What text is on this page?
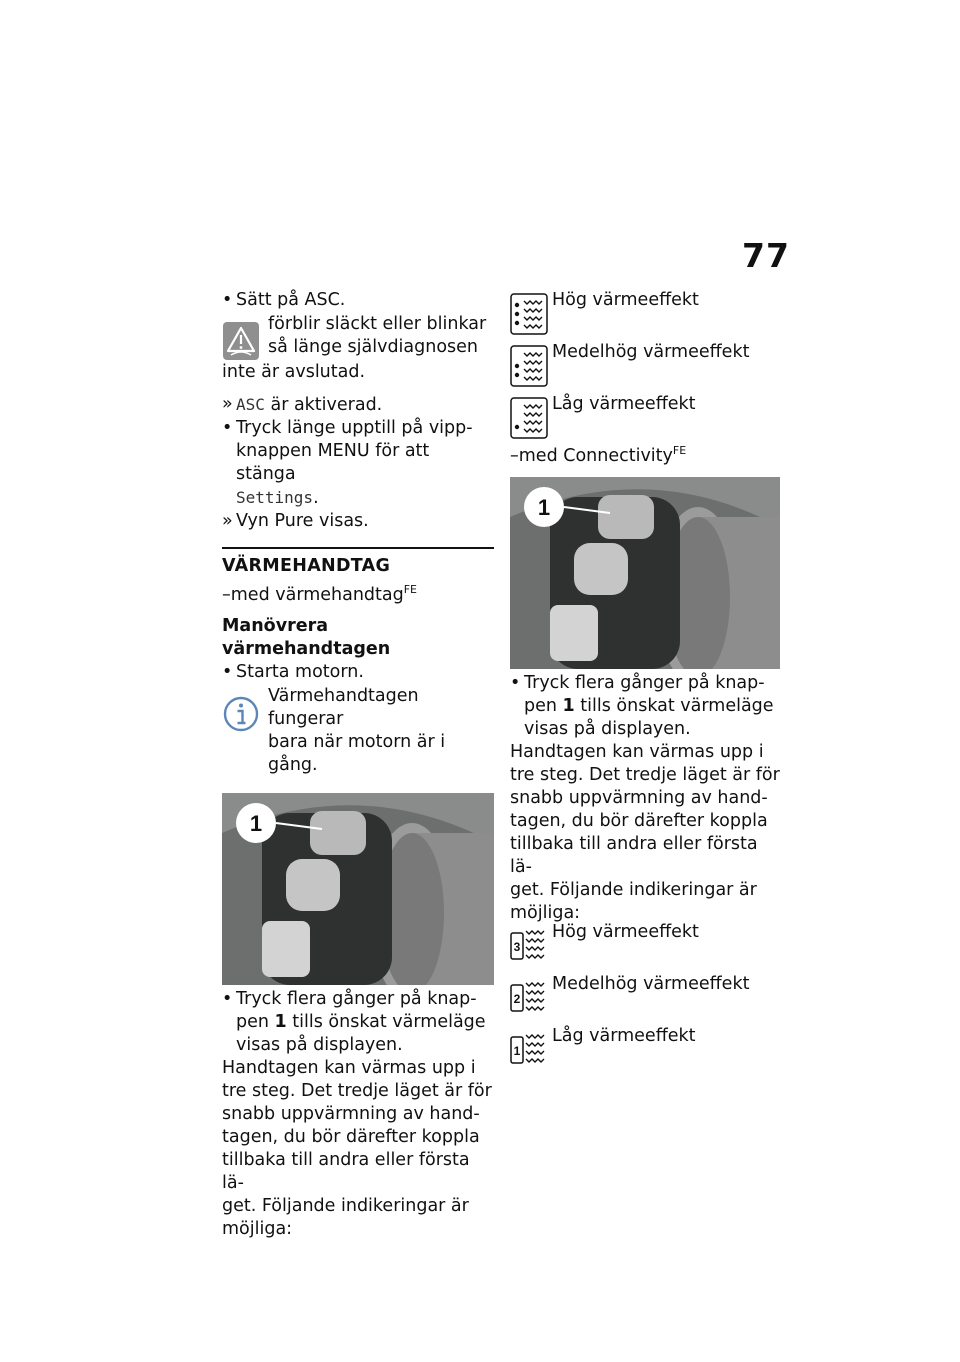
77

• Sätt på ASC.

förblir släckt eller blinkar

så länge självdiagnosen

inte är avslutad.

» ASC är aktiverad.

• Tryck länge upptill på vipp-

knappen MENU för att stänga

Settings.

» Vyn Pure visas.

VÄRMEHANDTAG

–med värmehandtag$^{FE}$

Manövrera värmehandtagen

• Starta motorn.

Värmehandtagen fungerar

bara när motorn är i gång.

1

• Tryck flera gånger på knap-

pen 1 tills önskat värmeläge

visas på displayen.

Handtagen kan värmas upp i

tre steg. Det tredje läget är för

snabb uppvärmning av hand-

tagen, du bör därefter koppla

tillbaka till andra eller första lä-

get. Följande indikeringar är

möjliga:

Hög värmeeffekt
Medelhög värmeeffekt
Låg värmeeffekt

–med Connectivity$^{FE}$

1

• Tryck flera gånger på knap-

pen 1 tills önskat värmeläge

visas på displayen.

Handtagen kan värmas upp i

tre steg. Det tredje läget är för

snabb uppvärmning av hand-

tagen, du bör därefter koppla

tillbaka till andra eller första lä-

get. Följande indikeringar är

möjliga:

3
Hög värmeeffekt
2
Medelhög värmeeffekt
1
Låg värmeeffekt
